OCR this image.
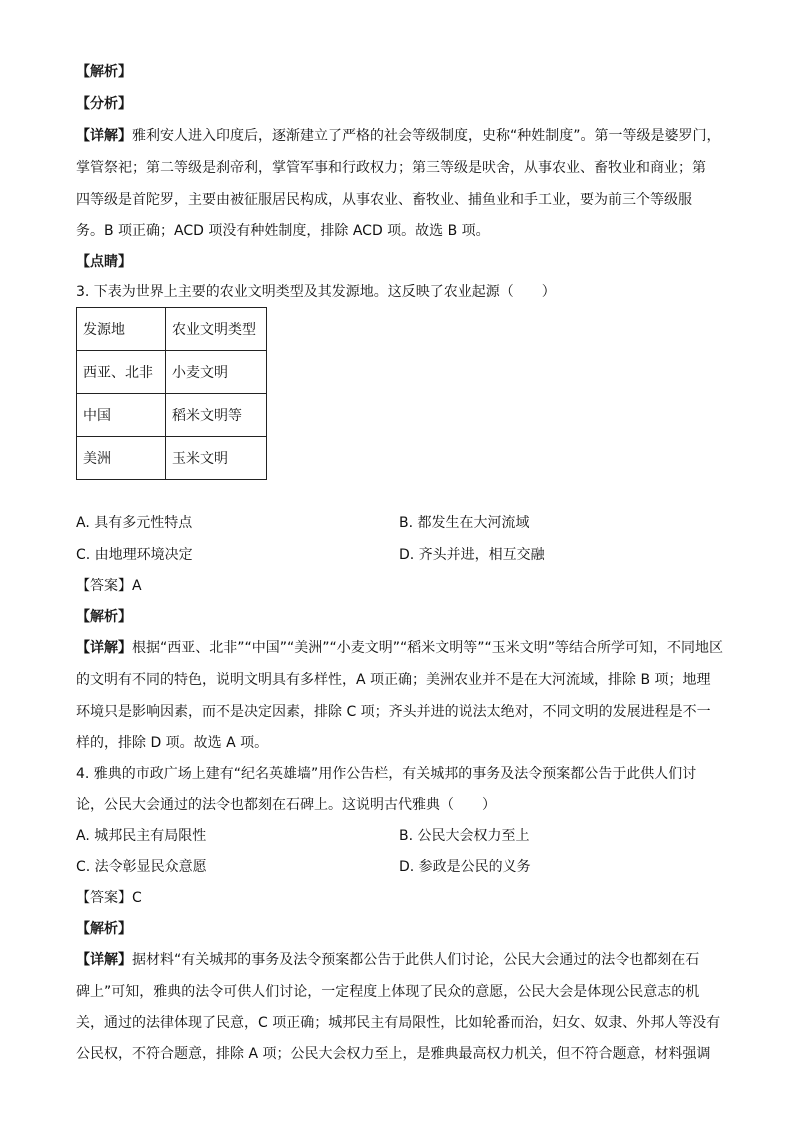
【解析】
【分析】
【详解】雅利安人进入印度后，逐渐建立了严格的社会等级制度，史称“种姓制度”。第一等级是婆罗门，
掌管祭祀；第二等级是刹帝利，掌管军事和行政权力；第三等级是吠舍，从事农业、畜牧业和商业；第
四等级是首陀罗，主要由被征服居民构成，从事农业、畜牧业、捕鱼业和手工业，要为前三个等级服
务。B 项正确；ACD 项没有种姓制度，排除 ACD 项。故选 B 项。
【点睛】
3. 下表为世界上主要的农业文明类型及其发源地。这反映了农业起源（　　）
发源地	农业文明类型
西亚、北非	小麦文明
中国	稻米文明等
美洲	玉米文明
A. 具有多元性特点	B. 都发生在大河流域
C. 由地理环境决定	D. 齐头并进，相互交融
【答案】A
【解析】
【详解】根据“西亚、北非”“中国”“美洲”“小麦文明”“稻米文明等”“玉米文明”等结合所学可知，不同地区
的文明有不同的特色，说明文明具有多样性，A 项正确；美洲农业并不是在大河流域，排除 B 项；地理
环境只是影响因素，而不是决定因素，排除 C 项；齐头并进的说法太绝对，不同文明的发展进程是不一
样的，排除 D 项。故选 A 项。
4. 雅典的市政广场上建有“纪名英雄墙”用作公告栏，有关城邦的事务及法令预案都公告于此供人们讨
论，公民大会通过的法令也都刻在石碑上。这说明古代雅典（　　）
A. 城邦民主有局限性	B. 公民大会权力至上
C. 法令彰显民众意愿	D. 参政是公民的义务
【答案】C
【解析】
【详解】据材料“有关城邦的事务及法令预案都公告于此供人们讨论，公民大会通过的法令也都刻在石
碑上”可知，雅典的法令可供人们讨论，一定程度上体现了民众的意愿，公民大会是体现公民意志的机
关，通过的法律体现了民意，C 项正确；城邦民主有局限性，比如轮番而治，妇女、奴隶、外邦人等没有
公民权，不符合题意，排除 A 项；公民大会权力至上，是雅典最高权力机关，但不符合题意，材料强调
